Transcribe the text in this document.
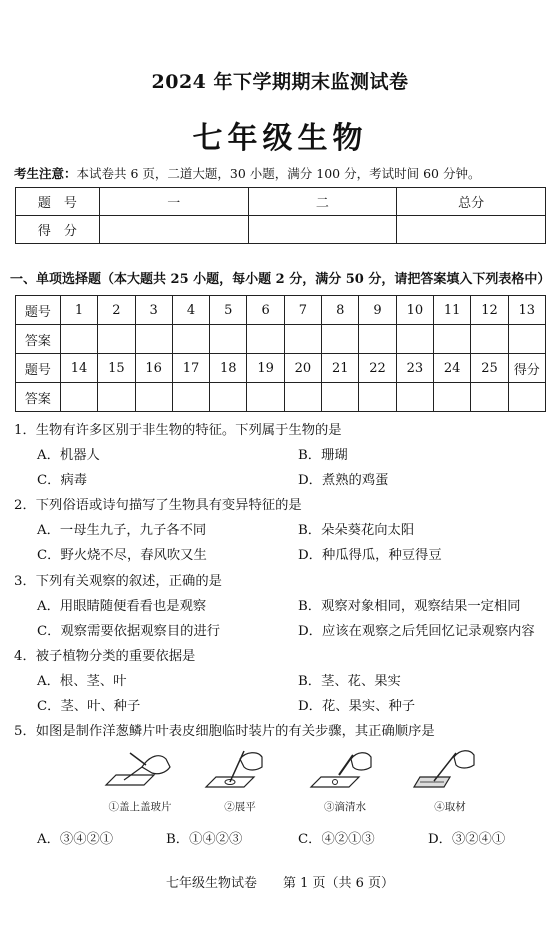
2024 年下学期期末监测试卷
七年级生物
考生注意：本试卷共 6 页，二道大题，30 小题，满分 100 分，考试时间 60 分钟。
题　号	一	二	总分
得　分			
一、单项选择题（本大题共 25 小题，每小题 2 分，满分 50 分，请把答案填入下列表格中）
题号	1	2	3	4	5	6	7	8	9	10	11	12	13
答案													
题号	14	15	16	17	18	19	20	21	22	23	24	25	得分
答案													
1．生物有许多区别于非生物的特征。下列属于生物的是
A．机器人	B．珊瑚
C．病毒	D．煮熟的鸡蛋
2．下列俗语或诗句描写了生物具有变异特征的是
A．一母生九子，九子各不同	B．朵朵葵花向太阳
C．野火烧不尽，春风吹又生	D．种瓜得瓜，种豆得豆
3．下列有关观察的叙述，正确的是
A．用眼睛随便看看也是观察	B．观察对象相同，观察结果一定相同
C．观察需要依据观察目的进行	D．应该在观察之后凭回忆记录观察内容
4．被子植物分类的重要依据是
A．根、茎、叶	B．茎、花、果实
C．茎、叶、种子	D．花、果实、种子
5．如图是制作洋葱鳞片叶表皮细胞临时装片的有关步骤，其正确顺序是
①盖上盖玻片	②展平	③滴清水	④取材
A．③④②①	B．①④②③	C．④②①③	D．③②④①
七年级生物试卷　　 第 1 页（共 6 页）
